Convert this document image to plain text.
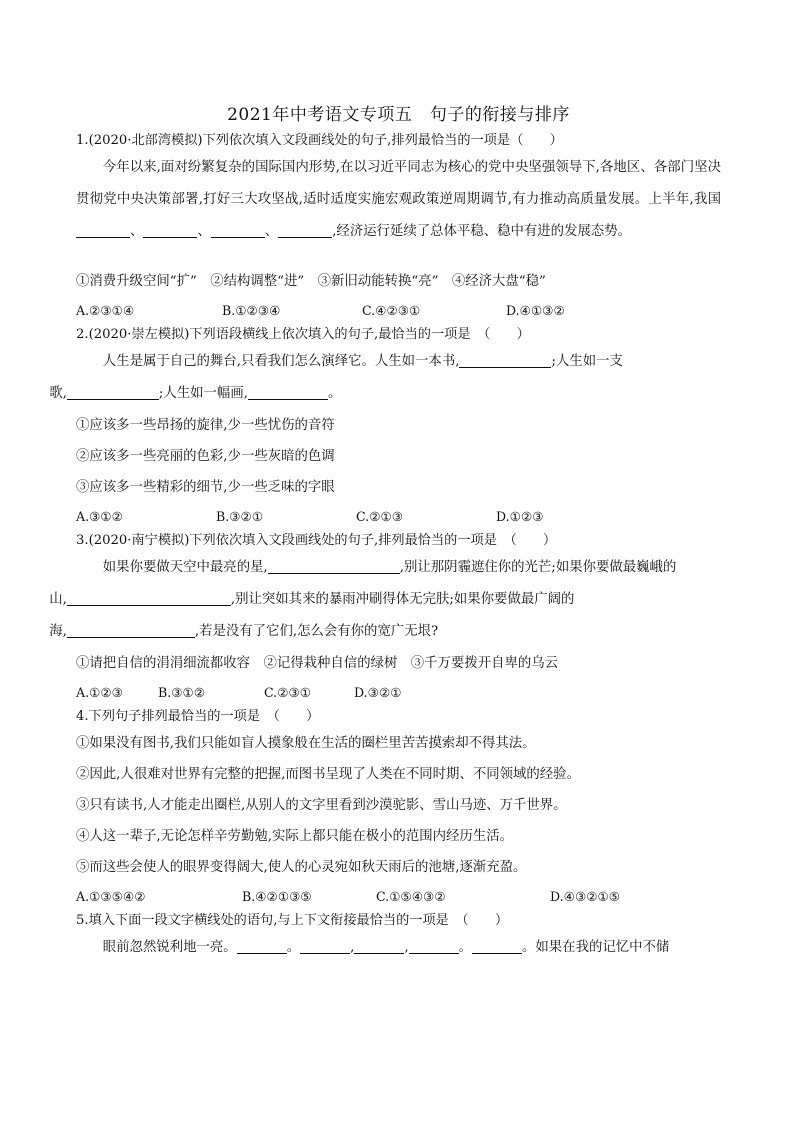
2021年中考语文专项五　句子的衔接与排序
1.(2020·北部湾模拟)下列依次填入文段画线处的句子,排列最恰当的一项是（　　）

今年以来,面对纷繁复杂的国际国内形势,在以习近平同志为核心的党中央坚强领导下,各地区、各部门坚决贯彻党中央决策部署,打好三大攻坚战,适时适度实施宏观政策逆周期调节,有力推动高质量发展。上半年,我国、	、	、	,经济运行延续了总体平稳、稳中有进的发展态势。

①消费升级空间“扩”　②结构调整“进”　③新旧动能转换“亮”　④经济大盘“稳”
A.②③①④	B.①②③④	C.④②③①	D.④①③②
2.(2020·崇左模拟)下列语段横线上依次填入的句子,最恰当的一项是　（　　）

人生是属于自己的舞台,只看我们怎么演绎它。人生如一本书,	;人生如一支
歌,	;人生如一幅画,	。

①应该多一些昂扬的旋律,少一些忧伤的音符
②应该多一些亮丽的色彩,少一些灰暗的色调
③应该多一些精彩的细节,少一些乏味的字眼
A.③①②	B.③②①	C.②①③	D.①②③
3.(2020·南宁模拟)下列依次填入文段画线处的句子,排列最恰当的一项是　（　　）

如果你要做天空中最亮的星,	,别让那阴霾遮住你的光芒;如果你要做最巍峨的
山,	,别让突如其来的暴雨冲刷得体无完肤;如果你要做最广阔的
海,	,若是没有了它们,怎么会有你的宽广无垠?

①请把自信的涓涓细流都收容　②记得栽种自信的绿树　③千万要拨开自卑的乌云
A.①②③	B.③①②	C.②③①	D.③②①
4.下列句子排列最恰当的一项是　（　　）
①如果没有图书,我们只能如盲人摸象般在生活的圈栏里苦苦摸索却不得其法。
②因此,人很难对世界有完整的把握,而图书呈现了人类在不同时期、不同领域的经验。
③只有读书,人才能走出圈栏,从别人的文字里看到沙漠驼影、雪山马迹、万千世界。
④人这一辈子,无论怎样辛劳勤勉,实际上都只能在极小的范围内经历生活。
⑤而这些会使人的眼界变得阔大,使人的心灵宛如秋天雨后的池塘,逐渐充盈。
A.①③⑤④②	B.④②①③⑤	C.①⑤④③②	D.④③②①⑤
5.填入下面一段文字横线处的语句,与上下文衔接最恰当的一项是　（　　）

眼前忽然锐利地一亮。	。	,	,	。	。如果在我的记忆中不储
